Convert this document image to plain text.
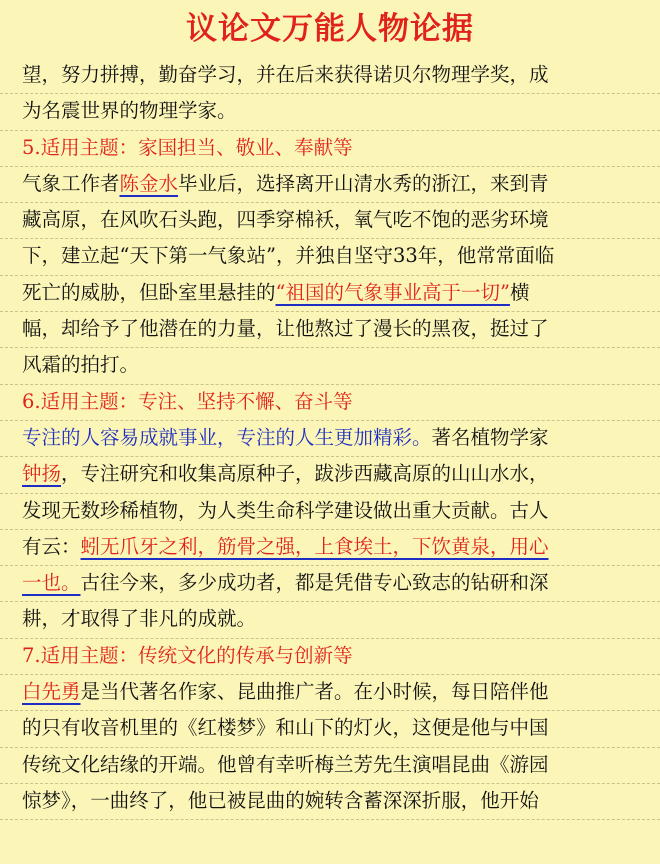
议论文万能人物论据
望，努力拼搏，勤奋学习，并在后来获得诺贝尔物理学奖，成
为名震世界的物理学家。
5.适用主题：家国担当、敬业、奉献等
气象工作者陈金水毕业后，选择离开山清水秀的浙江，来到青
藏高原，在风吹石头跑，四季穿棉袄，氧气吃不饱的恶劣环境
下，建立起“天下第一气象站”，并独自坚守33年，他常常面临
死亡的威胁，但卧室里悬挂的“祖国的气象事业高于一切”横
幅，却给予了他潜在的力量，让他熬过了漫长的黑夜，挺过了
风霜的拍打。
6.适用主题：专注、坚持不懈、奋斗等
专注的人容易成就事业，专注的人生更加精彩。著名植物学家
钟扬，专注研究和收集高原种子，跋涉西藏高原的山山水水，
发现无数珍稀植物，为人类生命科学建设做出重大贡献。古人
有云：蚓无爪牙之利，筋骨之强，上食埃土，下饮黄泉，用心
一也。古往今来，多少成功者，都是凭借专心致志的钻研和深
耕，才取得了非凡的成就。
7.适用主题：传统文化的传承与创新等
白先勇是当代著名作家、昆曲推广者。在小时候，每日陪伴他
的只有收音机里的《红楼梦》和山下的灯火，这便是他与中国
传统文化结缘的开端。他曾有幸听梅兰芳先生演唱昆曲《游园
惊梦》，一曲终了，他已被昆曲的婉转含蓄深深折服，他开始
